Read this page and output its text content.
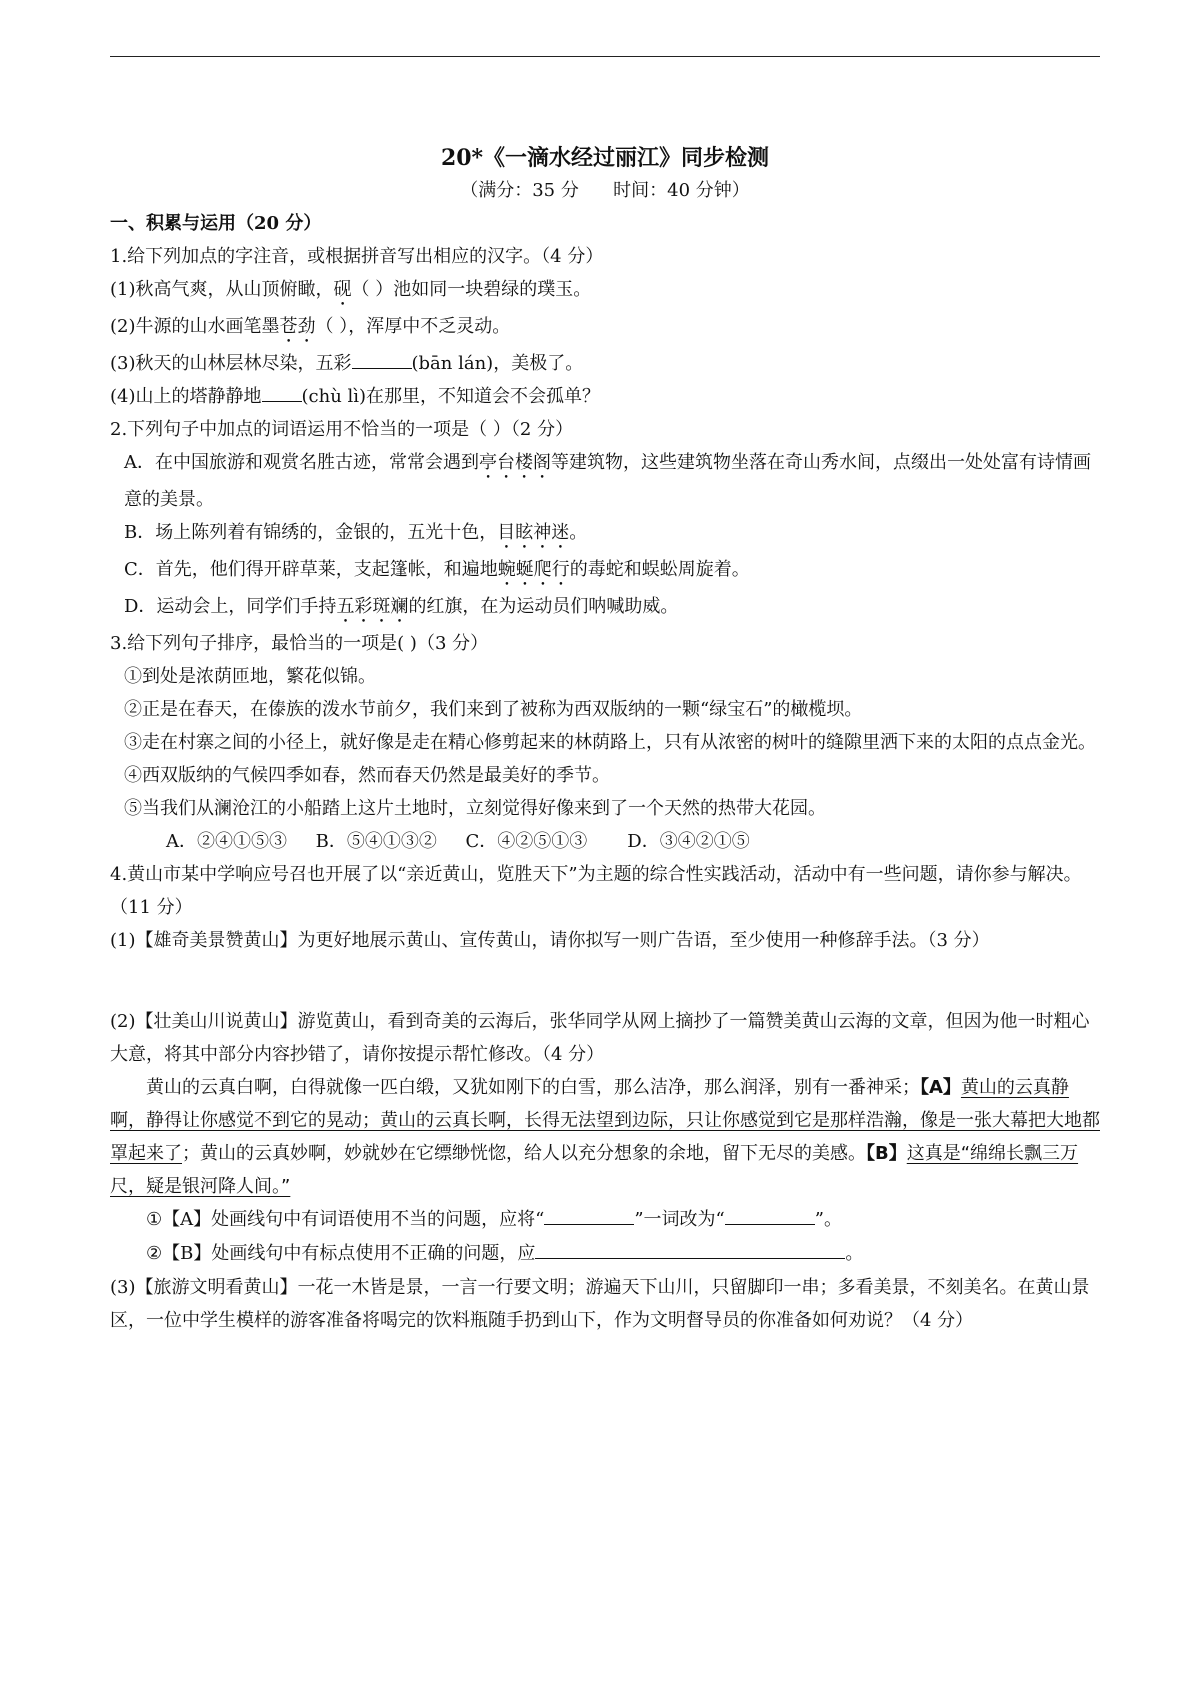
20*《一滴水经过丽江》同步检测

（满分：35 分      时间：40 分钟）

一、积累与运用（20 分）

1.给下列加点的字注音，或根据拼音写出相应的汉字。（4 分）

(1)秋高气爽，从山顶俯瞰，砚（ ）池如同一块碧绿的璞玉。

(2)牛源的山水画笔墨苍劲（ ），浑厚中不乏灵动。

(3)秋天的山林层林尽染，五彩	(bān lán)，美极了。

(4)山上的塔静静地 (chù lì)在那里，不知道会不会孤单？

2.下列句子中加点的词语运用不恰当的一项是（ ）（2 分）

A．在中国旅游和观赏名胜古迹，常常会遇到亭台楼阁等建筑物，这些建筑物坐落在奇山秀水间，点缀出一处处富有诗情画意的美景。

B．场上陈列着有锦绣的，金银的，五光十色，目眩神迷。

C．首先，他们得开辟草莱，支起篷帐，和遍地蜿蜒爬行的毒蛇和蜈蚣周旋着。

D．运动会上，同学们手持五彩斑斓的红旗，在为运动员们呐喊助威。

3.给下列句子排序，最恰当的一项是( )（3 分）

①到处是浓荫匝地，繁花似锦。

②正是在春天，在傣族的泼水节前夕，我们来到了被称为西双版纳的一颗“绿宝石”的橄榄坝。

③走在村寨之间的小径上，就好像是走在精心修剪起来的林荫路上，只有从浓密的树叶的缝隙里洒下来的太阳的点点金光。

④西双版纳的气候四季如春，然而春天仍然是最美好的季节。

⑤当我们从澜沧江的小船踏上这片土地时，立刻觉得好像来到了一个天然的热带大花园。

A．②④①⑤③     B．⑤④①③②     C．④②⑤①③       D．③④②①⑤

4.黄山市某中学响应号召也开展了以“亲近黄山，览胜天下”为主题的综合性实践活动，活动中有一些问题，请你参与解决。（11 分）

(1)【雄奇美景赞黄山】为更好地展示黄山、宣传黄山，请你拟写一则广告语，至少使用一种修辞手法。（3 分）

(2)【壮美山川说黄山】游览黄山，看到奇美的云海后，张华同学从网上摘抄了一篇赞美黄山云海的文章，但因为他一时粗心大意，将其中部分内容抄错了，请你按提示帮忙修改。（4 分）

黄山的云真白啊，白得就像一匹白缎，又犹如刚下的白雪，那么洁净，那么润泽，别有一番神采；【A】黄山的云真静啊，静得让你感觉不到它的晃动；黄山的云真长啊，长得无法望到边际，只让你感觉到它是那样浩瀚，像是一张大幕把大地都罩起来了；黄山的云真妙啊，妙就妙在它缥缈恍惚，给人以充分想象的余地，留下无尽的美感。【B】这真是“绵绵长飘三万尺，疑是银河降人间。”

①【A】处画线句中有词语使用不当的问题，应将“	”一词改为“	”。

②【B】处画线句中有标点使用不正确的问题，应	。

(3)【旅游文明看黄山】一花一木皆是景，一言一行要文明；游遍天下山川，只留脚印一串；多看美景，不刻美名。在黄山景区，一位中学生模样的游客准备将喝完的饮料瓶随手扔到山下，作为文明督导员的你准备如何劝说？（4 分）
